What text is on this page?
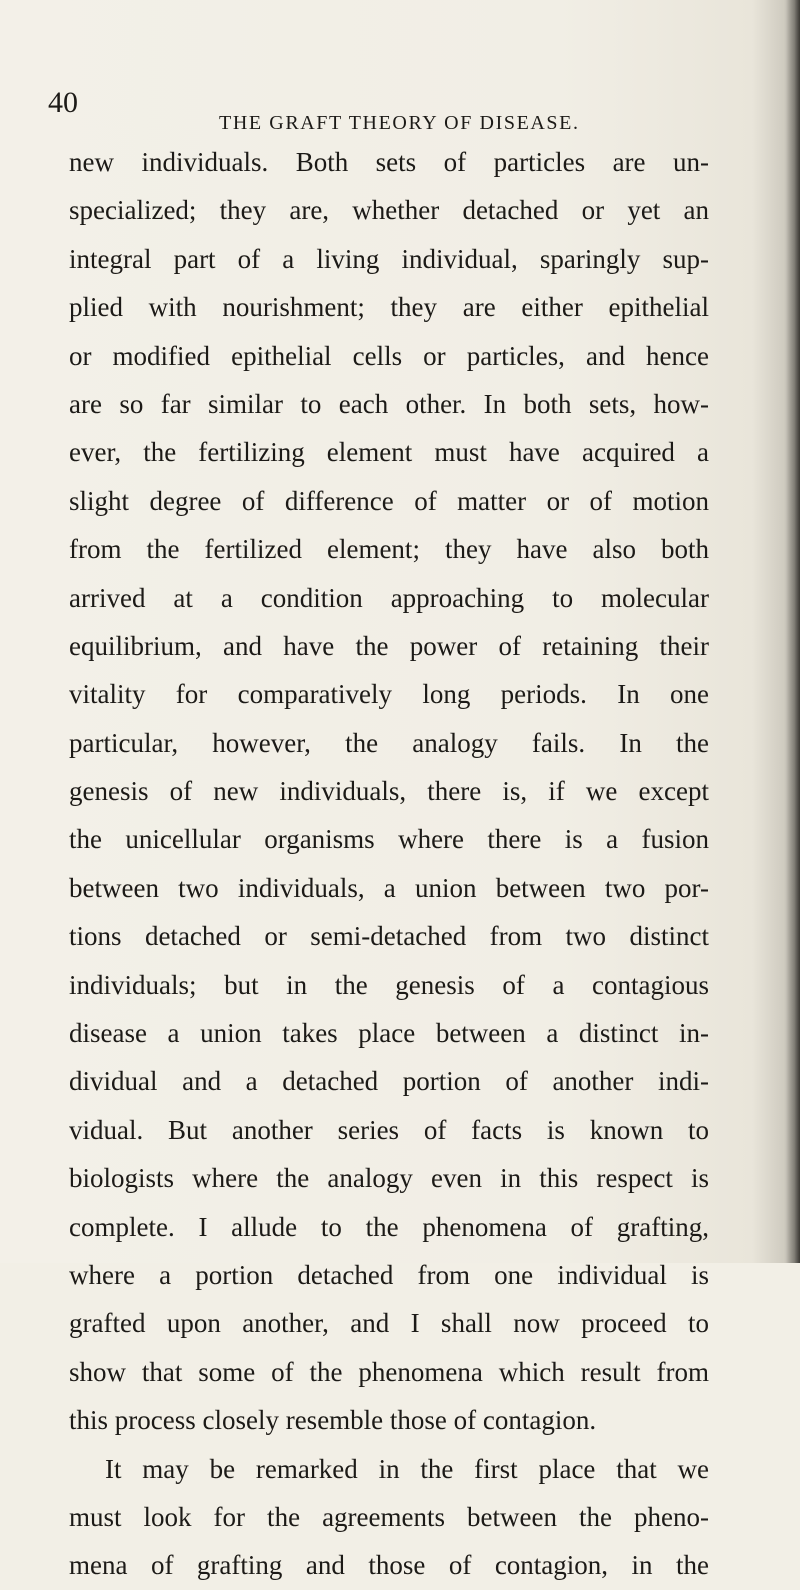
40
THE GRAFT THEORY OF DISEASE.
new individuals. Both sets of particles are un-
specialized; they are, whether detached or yet an
integral part of a living individual, sparingly sup-
plied with nourishment; they are either epithelial
or modified epithelial cells or particles, and hence
are so far similar to each other. In both sets, how-
ever, the fertilizing element must have acquired a
slight degree of difference of matter or of motion
from the fertilized element; they have also both
arrived at a condition approaching to molecular
equilibrium, and have the power of retaining their
vitality for comparatively long periods. In one
particular, however, the analogy fails. In the
genesis of new individuals, there is, if we except
the unicellular organisms where there is a fusion
between two individuals, a union between two por-
tions detached or semi-detached from two distinct
individuals; but in the genesis of a contagious
disease a union takes place between a distinct in-
dividual and a detached portion of another indi-
vidual. But another series of facts is known to
biologists where the analogy even in this respect is
complete. I allude to the phenomena of grafting,
where a portion detached from one individual is
grafted upon another, and I shall now proceed to
show that some of the phenomena which result from
this process closely resemble those of contagion.
It may be remarked in the first place that we
must look for the agreements between the pheno-
mena of grafting and those of contagion, in the
